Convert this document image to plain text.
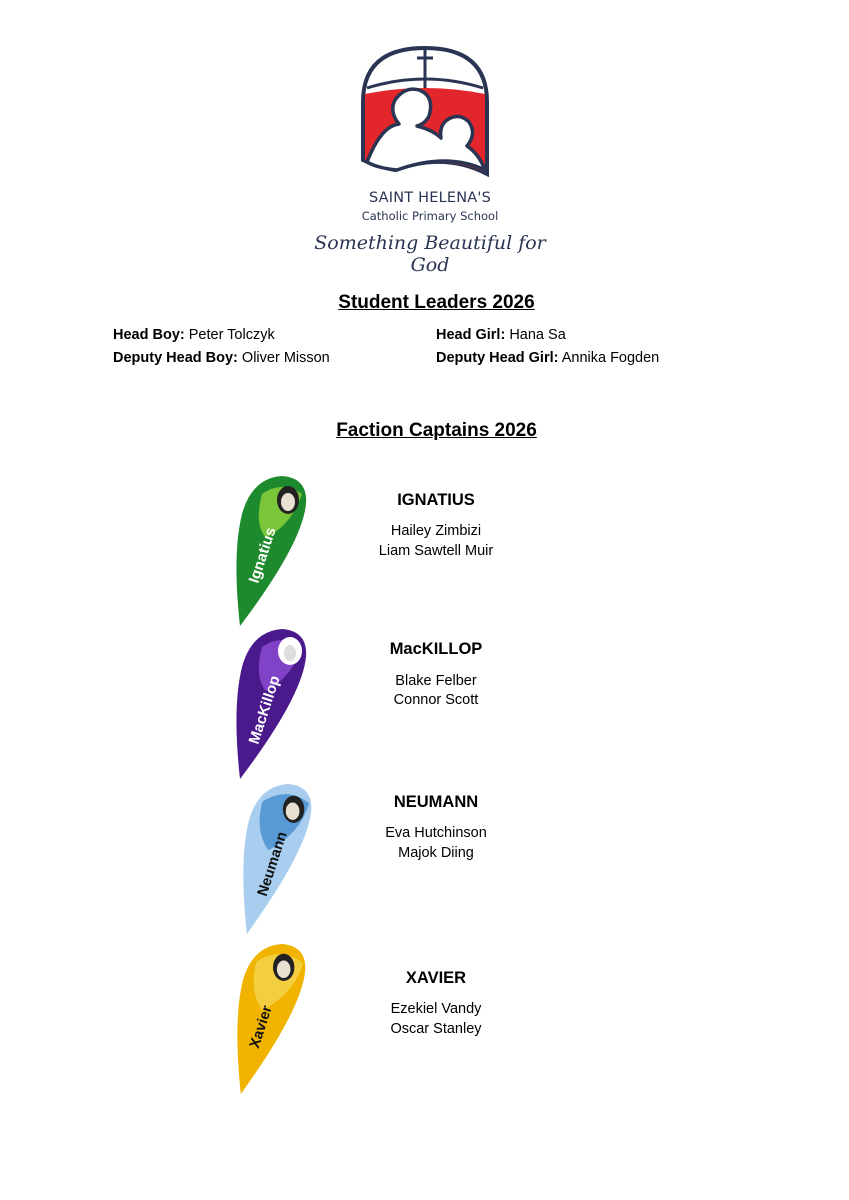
SAINT HELENA'S
Catholic Primary School
Something Beautiful for God
Student Leaders 2026
Head Boy: Peter Tolczyk	Head Girl: Hana Sa
Deputy Head Boy: Oliver Misson	Deputy Head Girl: Annika Fogden
Faction Captains 2026
Ignatius
IGNATIUS
Hailey Zimbizi
Liam Sawtell Muir
MacKillop
MacKILLOP
Blake Felber
Connor Scott
Neumann
NEUMANN
Eva Hutchinson
Majok Diing
Xavier
XAVIER
Ezekiel Vandy
Oscar Stanley
